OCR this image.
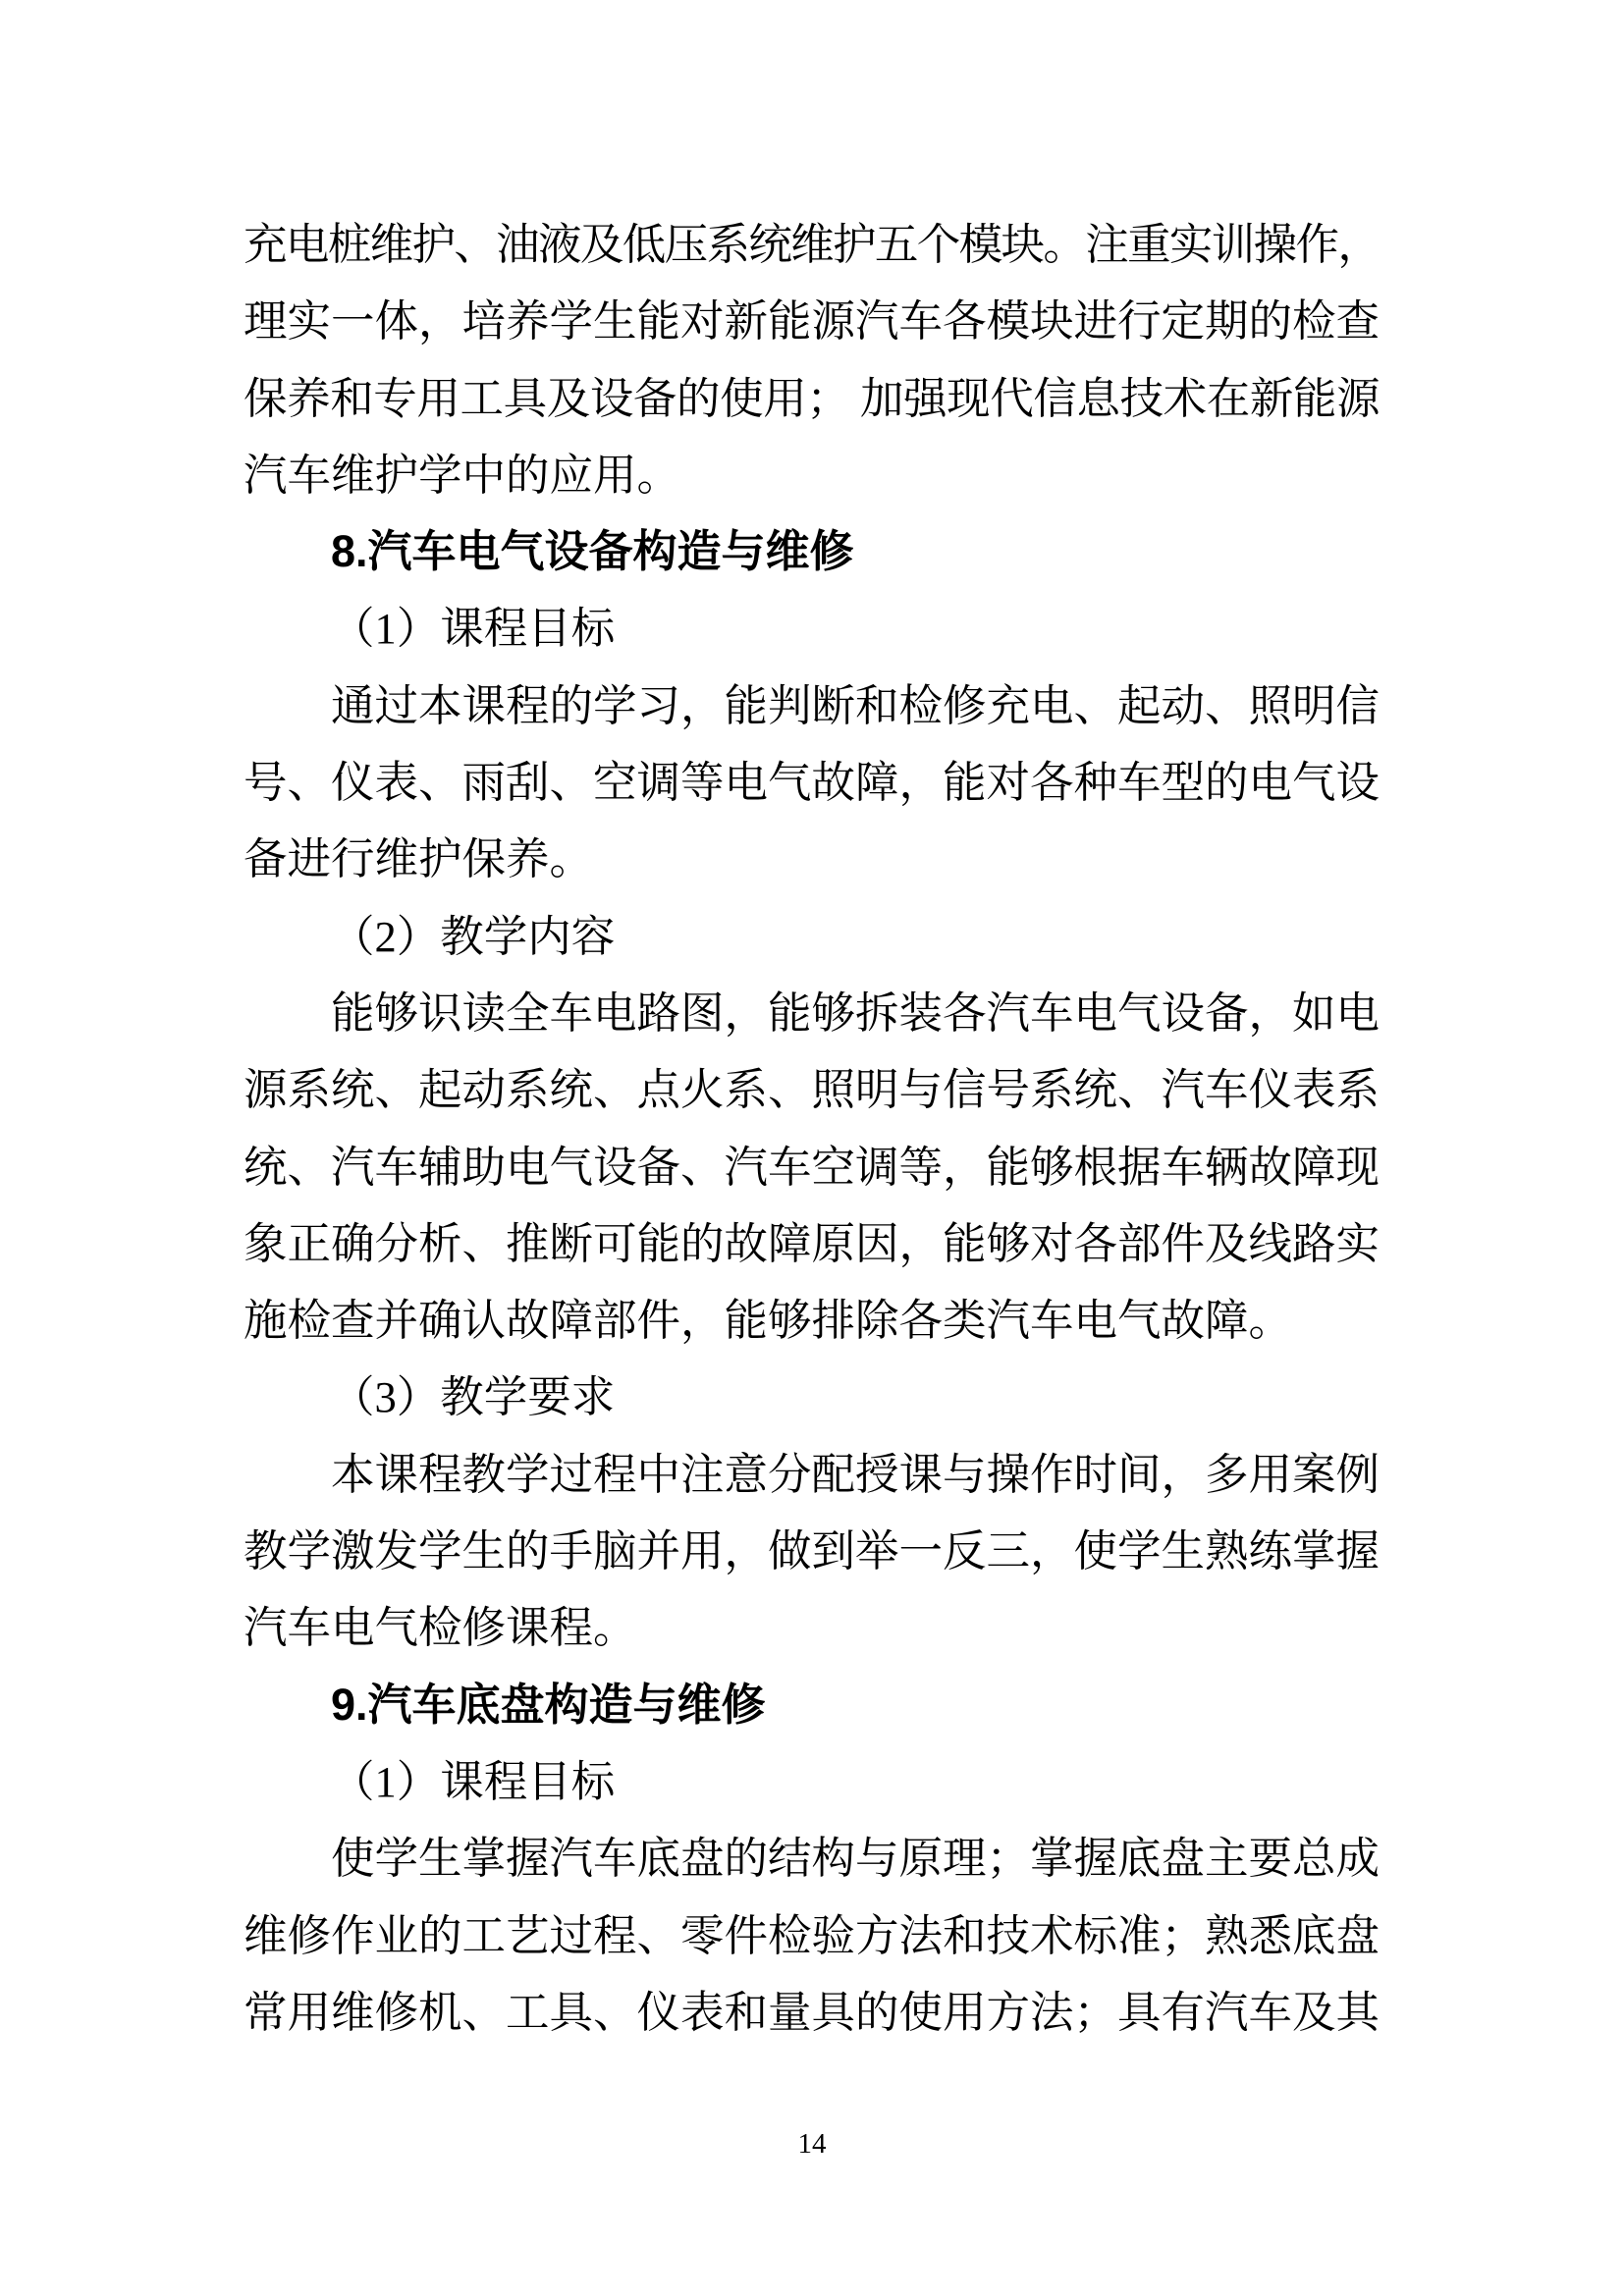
充电桩维护、油液及低压系统维护五个模块。注重实训操作，
理实一体，培养学生能对新能源汽车各模块进行定期的检查
保养和专用工具及设备的使用； 加强现代信息技术在新能源
汽车维护学中的应用。
8.汽车电气设备构造与维修
（1）课程目标
通过本课程的学习，能判断和检修充电、起动、照明信
号、仪表、雨刮、空调等电气故障，能对各种车型的电气设
备进行维护保养。
（2）教学内容
能够识读全车电路图，能够拆装各汽车电气设备，如电
源系统、起动系统、点火系、照明与信号系统、汽车仪表系
统、汽车辅助电气设备、汽车空调等，能够根据车辆故障现
象正确分析、推断可能的故障原因，能够对各部件及线路实
施检查并确认故障部件，能够排除各类汽车电气故障。
（3）教学要求
本课程教学过程中注意分配授课与操作时间，多用案例
教学激发学生的手脑并用，做到举一反三，使学生熟练掌握
汽车电气检修课程。
9.汽车底盘构造与维修
（1）课程目标
使学生掌握汽车底盘的结构与原理；掌握底盘主要总成
维修作业的工艺过程、零件检验方法和技术标准；熟悉底盘
常用维修机、工具、仪表和量具的使用方法；具有汽车及其
14
